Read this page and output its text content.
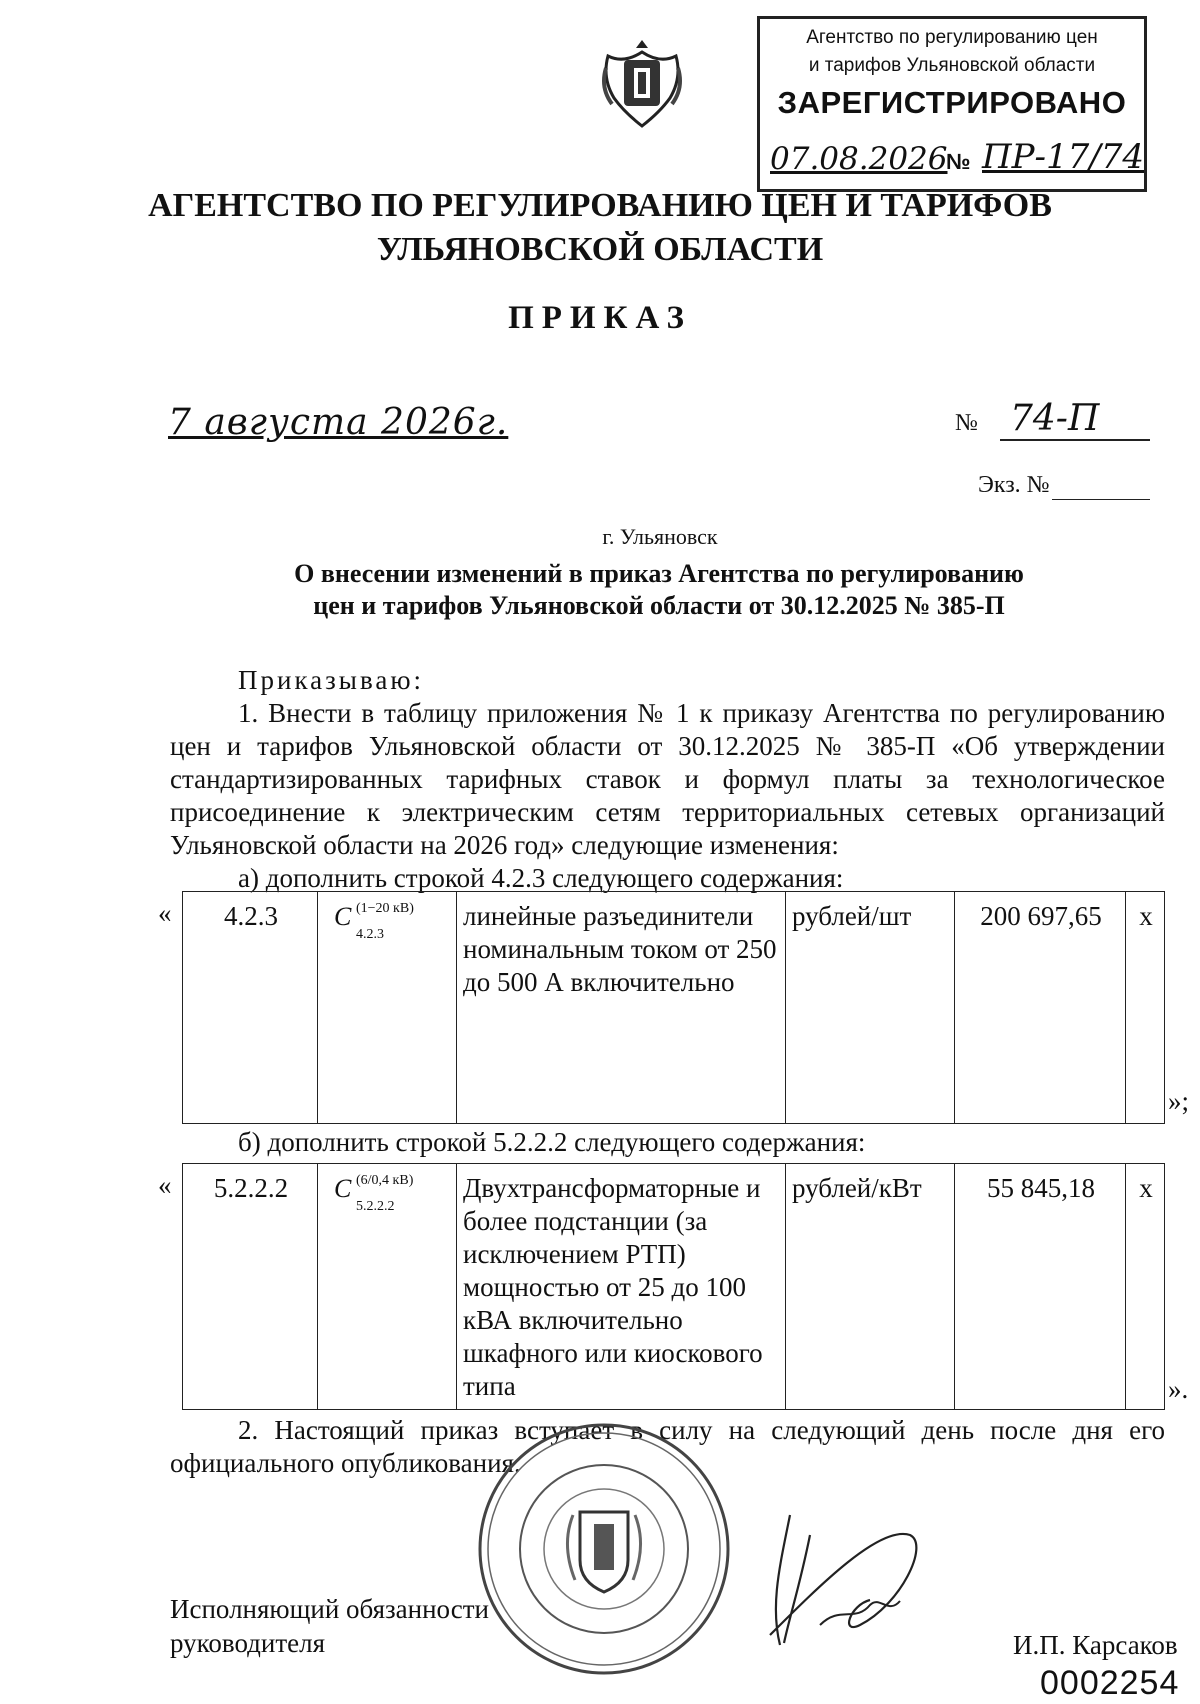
Агентство по регулированию цен
и тарифов Ульяновской области
ЗАРЕГИСТРИРОВАНО
07.08.2026
№ ПР-17/74
АГЕНТСТВО ПО РЕГУЛИРОВАНИЮ ЦЕН И ТАРИФОВ
УЛЬЯНОВСКОЙ ОБЛАСТИ
ПРИКАЗ
7 августа 2026г.	№ 74-П
Экз. №
г. Ульяновск
О внесении изменений в приказ Агентства по регулированию
цен и тарифов Ульяновской области от 30.12.2025 № 385-П

Приказываю:

1. Внести в таблицу приложения № 1 к приказу Агентства по регулированию цен и тарифов Ульяновской области от 30.12.2025 № 385-П «Об утверждении стандартизированных тарифных ставок и формул платы за технологическое присоединение к электрическим сетям территориальных сетевых организаций Ульяновской области на 2026 год» следующие изменения:

а) дополнить строкой 4.2.3 следующего содержания:

« 4.2.3	C (1−20 кВ)
4.2.3
	линейные разъединители номинальным током от 250 до 500 А включительно	рублей/шт	200 697,65	х
»;

б) дополнить строкой 5.2.2.2 следующего содержания:

« 5.2.2.2	C (6/0,4 кВ)
5.2.2.2
	Двухтрансформаторные и более подстанции (за исключением РТП) мощностью от 25 до 100 кВА включительно шкафного или киоскового типа	рублей/кВт	55 845,18	х
».

2. Настоящий приказ вступает в силу на следующий день после дня его официального опубликования.

Исполняющий обязанности
руководителя	И.П. Карсаков
0002254
